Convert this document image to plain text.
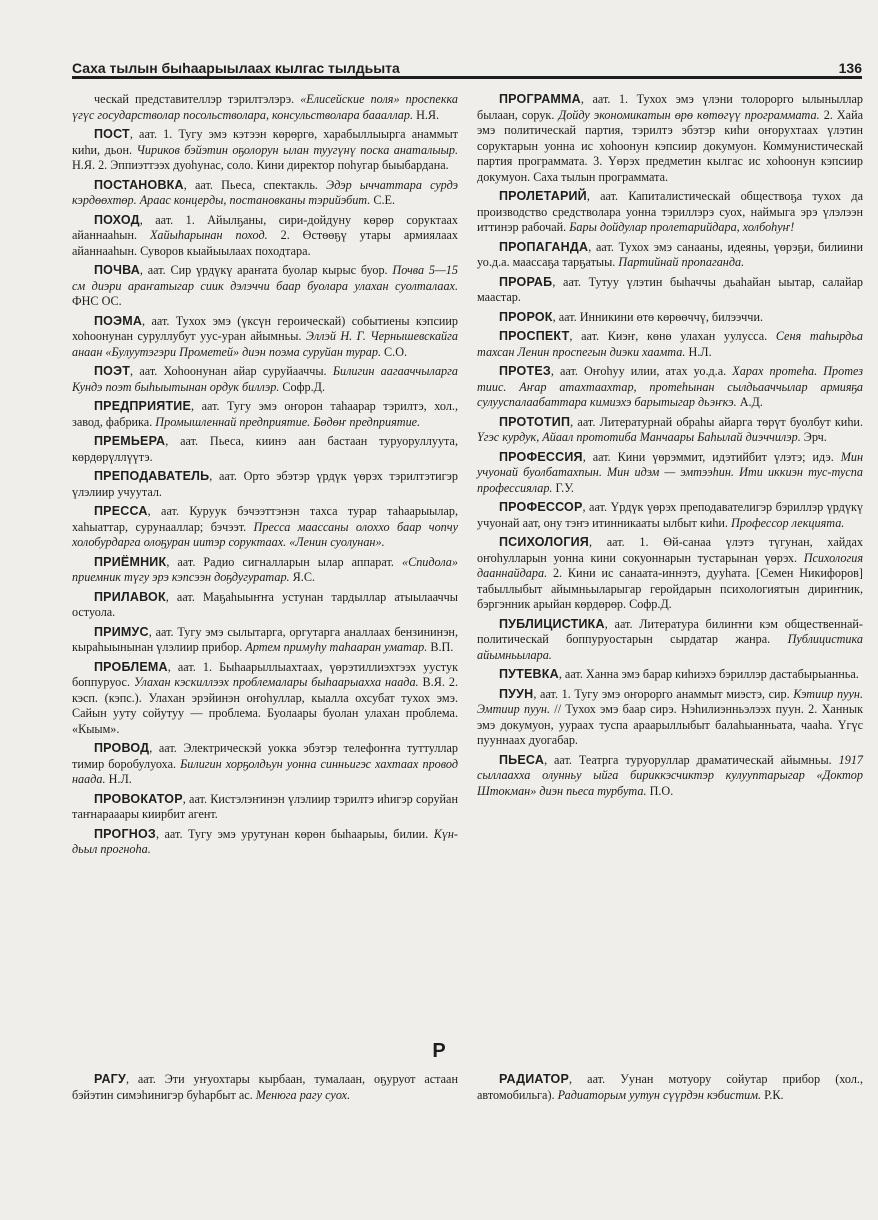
Саха тылын быһаарыылаах кылгас тылдьыта	136

ческай представителлэр тэрилтэлэрэ. «Елисейские поля» проспекка үгүс государстволар посольстволара, консульстволара баааллар. Н.Я.

ПОСТ, аат. 1. Тугу эмэ кэтээн көрөргө, харабыллыырга анаммыт киһи, дьон. Чириков бэйэтин оҕолорун ылан туугүнү поска анаталыыр. Н.Я. 2. Эппиэттээх дуоһунас, соло. Кини директор поһугар быыбардана.

ПОСТАНОВКА, аат. Пьеса, спектакль. Эдэр ыччаттара сурдэ кэрдөөхтөр. Араас концерды, постановканы тэрийэбит. С.Е.

ПОХОД, аат. 1. Айылҕаны, сири-дойдуну көрөр соруктаах айаннааһын. Хайыһарынан поход. 2. Өстөөҕү утары армиялаах айаннааһын. Суворов кыайыылаах походтара.

ПОЧВА, аат. Сир үрдүкү араҥата буолар кырыс буор. Почва 5—15 см диэри араҥатыгар сиик дэлэччи баар буолара улахан суолталаах. ФНС ОС.

ПОЭМА, аат. Тухох эмэ (үксүн героическай) событиены кэпсиир хоһоонунан суруллубут уус-уран айымньы. Эллэй Н. Г. Чернышевскайга анаан «Булуутэгэри Прометей» диэн поэма суруйан турар. С.О.

ПОЭТ, аат. Хоһоонунан айар суруйааччы. Билигин аагааччыларга Кундэ поэт быһыытынан ордук биллэр. Софр.Д.

ПРЕДПРИЯТИЕ, аат. Тугу эмэ оҥорон таһаарар тэрилтэ, хол., завод, фабрика. Промышленнай предприятие. Бөдөҥ предприятие.

ПРЕМЬЕРА, аат. Пьеса, киинэ аан бастаан туруоруллуута, көрдөрүллүүтэ.

ПРЕПОДАВАТЕЛЬ, аат. Орто эбэтэр үрдүк үөрэх тэрилтэтигэр үлэлиир учуутал.

ПРЕССА, аат. Куруук бэчээттэнэн тахса турар таһаарыылар, хаһыаттар, сурунааллар; бэчээт. Пресса маассаны олоххо баар чопчу холобурдарга олоҕуран иитэр соруктаах. «Ленин суолунан».

ПРИЁМНИК, аат. Радио сигналларын ылар аппарат. «Спидола» приемник түгу эрэ кэпсээн доҕдугуратар. Я.С.

ПРИЛАВОК, аат. Маҕаһыыҥҥа устунан тардыллар атыылааччы остуола.

ПРИМУС, аат. Тугу эмэ сылытарга, оргутарга аналлаах бензининэн, кыраһыынынан үлэлиир прибор. Артем примуһу таһааран уматар. В.П.

ПРОБЛЕМА, аат. 1. Быһаарыллыахтаах, үөрэтиллиэхтээх уустук боппуруос. Улахан кэскиллээх проблемалары быһаарыахха наада. В.Я. 2. кэсп. (кэпс.). Улахан эрэйинэн оҥоһуллар, кыалла охсубат тухох эмэ. Сайын ууту сойутуу — проблема. Буолаары буолан улахан проблема. «Кыым».

ПРОВОД, аат. Электрическэй уокка эбэтэр телефоҥҥа туттуллар тимир боробулуоха. Билигин хорҕолдьун уонна синньигэс хахтаах провод наада. Н.Л.

ПРОВОКАТОР, аат. Кистэлэҥинэн үлэлиир тэрилтэ иһигэр соруйан таҥнарааары киирбит агент.

ПРОГНОЗ, аат. Тугу эмэ урутунан көрөн быһаарыы, билии. Күн-дьыл прогноһа.

ПРОГРАММА, аат. 1. Тухох эмэ үлэни толорорго ылыныллар былаан, сорук. Дойду экономикатын өрө көтөгүү программата. 2. Хайа эмэ политическай партия, тэрилтэ эбэтэр киһи оҥорухтаах үлэтин соруктарын уонна ис хоһоонун кэпсиир докумуон. Коммунистическай партия программата. 3. Үөрэх предметин кылгас ис хоһоонун кэпсиир докумуон. Саха тылын программата.

ПРОЛЕТАРИЙ, аат. Капиталистическай обществоҕа тухох да производство средстволара уонна тэриллэрэ суох, наймыга эрэ үлэлээн иттинэр рабочай. Бары дойдулар пролетарийдара, холбоһуҥ!

ПРОПАГАНДА, аат. Тухох эмэ санааны, идеяны, үөрэҕи, билиини уо.д.а. маассаҕа тарҕатыы. Партийнай пропаганда.

ПРОРАБ, аат. Тутуу үлэтин быһаччы дьаһайан ыытар, салайар маастар.

ПРОРОК, аат. Инникини өтө көрөөччү, билээччи.

ПРОСПЕКТ, аат. Киэҥ, көнө улахан уулусса. Сеня таһырдьа тахсан Ленин проспегын диэки хаамта. Н.Л.

ПРОТЕЗ, аат. Оҥоһуу илии, атах уо.д.а. Харах протеһа. Протез тиис. Аҥар атахтаахтар, протеһынан сылдьааччылар армияҕа сулууспалаабаттара кимиэхэ барытыгар дьэҥкэ. А.Д.

ПРОТОТИП, аат. Литературнай обраһы айарга төрүт буолбут киһи. Үгэс курдук, Айаал прототиба Манчаары Баһылай диэччилэр. Эрч.

ПРОФЕССИЯ, аат. Кини үөрэммит, идэтийбит үлэтэ; идэ. Мин учуонай буолбатахпын. Мин идэм — эмтээһин. Ити иккиэн тус-туспа профессиялар. Г.У.

ПРОФЕССОР, аат. Үрдүк үөрэх преподавателигэр бэриллэр үрдүкү учуонай аат, ону тэҥэ итинникааты ылбыт киһи. Профессор лекцията.

ПСИХОЛОГИЯ, аат. 1. Өй-санаа үлэтэ түгунан, хайдах оҥоһулларын уонна кини сокуоннарын тустарынан үөрэх. Психология дааннайдара. 2. Кини ис санаата-иннэтэ, дууһата. [Семен Никифоров] табыллыбыт айымньыларыгар геройдарын психологиятын дириҥник, бэргэнник арыйан көрдөрөр. Софр.Д.

ПУБЛИЦИСТИКА, аат. Литература билиҥҥи кэм общественнай-политическай боппуруостарын сырдатар жанра. Публицистика айымньылара.

ПУТЕВКА, аат. Ханна эмэ барар киһиэхэ бэриллэр дастабырыанньа.

ПУУН, аат. 1. Тугу эмэ оҥорорго анаммыт миэстэ, сир. Кэтиир пуун. Эмтиир пуун. // Тухох эмэ баар сирэ. Нэһилиэнньэлээх пуун. 2. Ханнык эмэ докумуон, уураах туспа араарыллыбыт балаһыанньата, чааһа. Үгүс пууннаах дуогабар.

ПЬЕСА, аат. Театрга туруоруллар драматическай айымньы. 1917 сыллаахха олунньу ыйга бириккэсчиктэр кулууптарыгар «Доктор Штокман» диэн пьеса турбута. П.О.

Р

РАГУ, аат. Эти уҥуохтары кырбаан, тумалаан, оҕуруот астаан бэйэтин симэһинигэр буһарбыт ас. Менюга рагу суох.

РАДИАТОР, аат. Уунан мотуору сойутар прибор (хол., автомобильга). Радиаторым уутун сүүрдэн кэбистим. Р.К.
